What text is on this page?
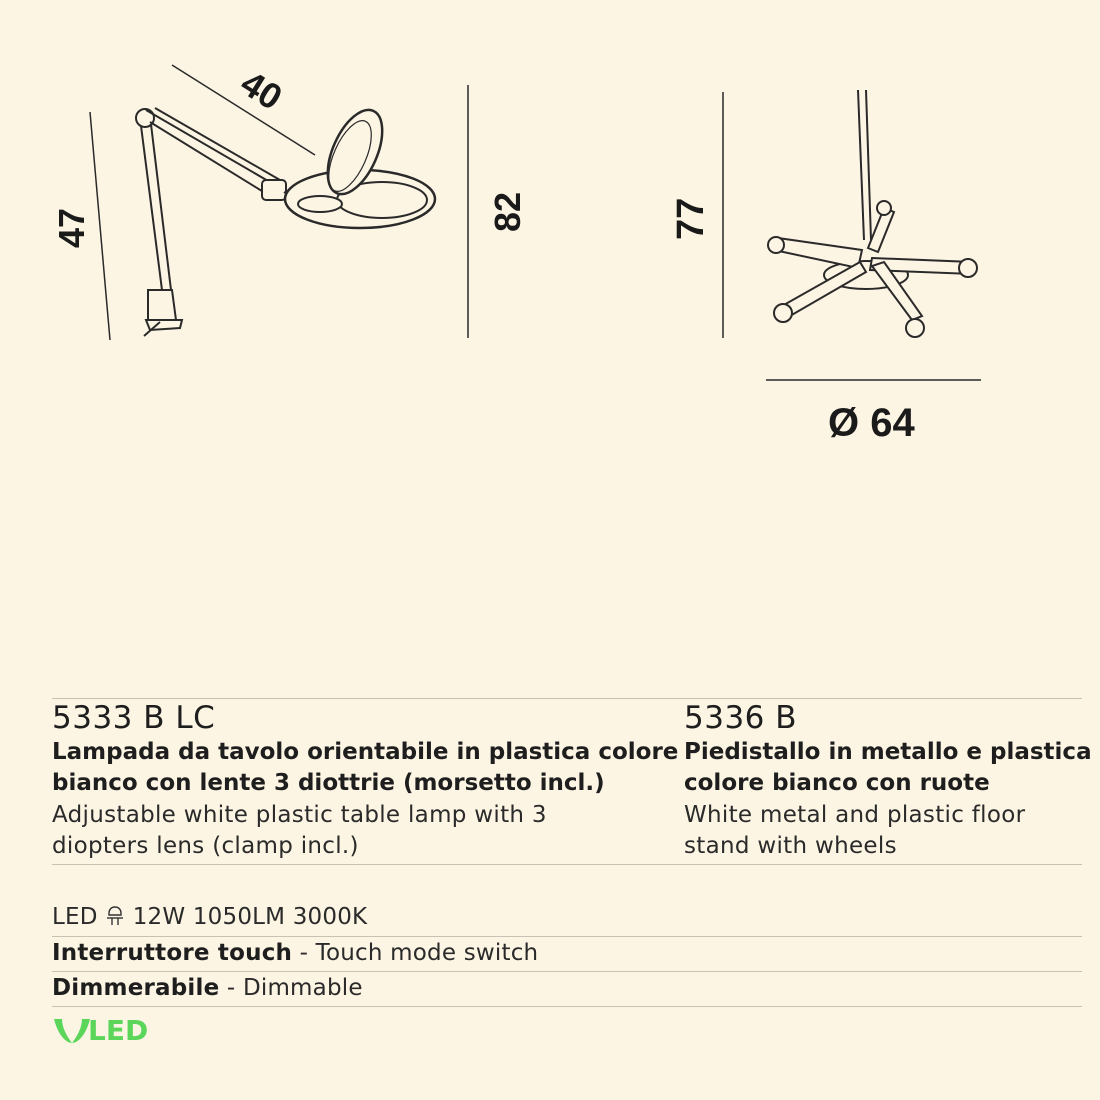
40
47	82	77
Ø 64
5333 B LC
Lampada da tavolo orientabile in plastica colore
bianco con lente 3 diottrie (morsetto incl.)
Adjustable white plastic table lamp with 3
diopters lens (clamp incl.)
5336 B
Piedistallo in metallo e plastica
colore bianco con ruote
White metal and plastic floor
stand with wheels
LED 12W 1050LM 3000K
Interruttore touch - Touch mode switch
Dimmerabile - Dimmable
LED
